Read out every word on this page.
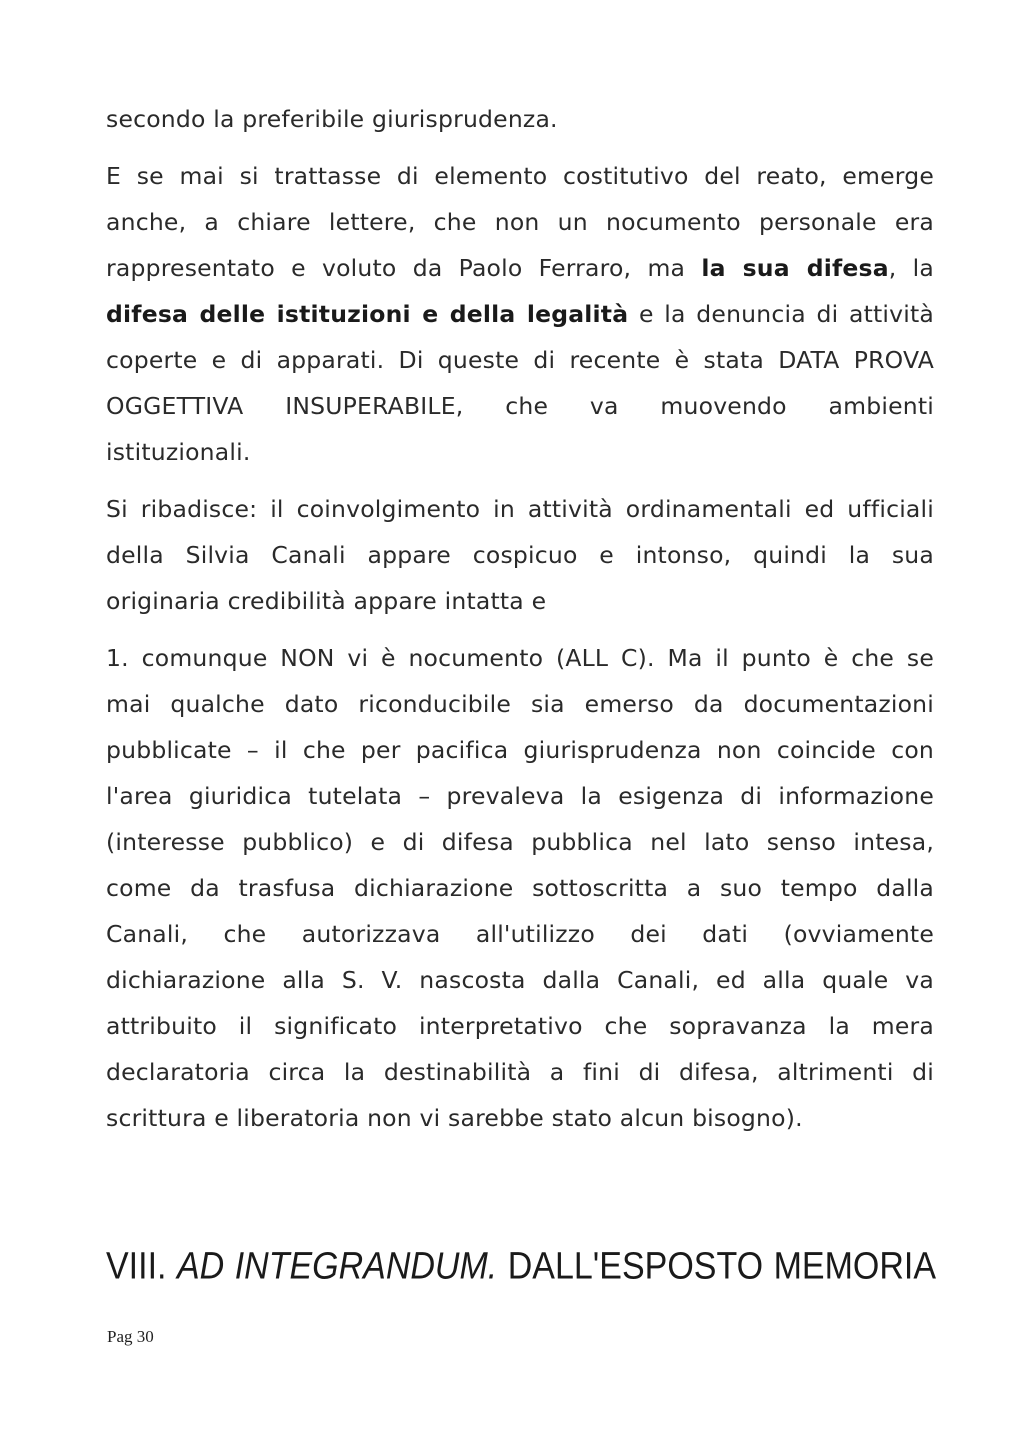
secondo la preferibile giurisprudenza.

E se mai si trattasse di elemento costitutivo del reato, emerge
anche, a chiare lettere, che non un nocumento personale era
rappresentato e voluto da Paolo Ferraro, ma la sua difesa, la
difesa delle istituzioni e della legalità e la denuncia di attività
coperte e di apparati. Di queste di recente è stata DATA PROVA
OGGETTIVA INSUPERABILE, che va muovendo ambienti
istituzionali.

Si ribadisce: il coinvolgimento in attività ordinamentali ed ufficiali
della Silvia Canali appare cospicuo e intonso, quindi la sua
originaria credibilità appare intatta e

1. comunque NON vi è nocumento (ALL C). Ma il punto è che se
mai qualche dato riconducibile sia emerso da documentazioni
pubblicate – il che per pacifica giurisprudenza non coincide con
l'area giuridica tutelata – prevaleva la esigenza di informazione
(interesse pubblico) e di difesa pubblica nel lato senso intesa,
come da trasfusa dichiarazione sottoscritta a suo tempo dalla
Canali, che autorizzava all'utilizzo dei dati (ovviamente
dichiarazione alla S. V. nascosta dalla Canali, ed alla quale va
attribuito il significato interpretativo che sopravanza la mera
declaratoria circa la destinabilità a fini di difesa, altrimenti di
scrittura e liberatoria non vi sarebbe stato alcun bisogno).

VIII. AD INTEGRANDUM. DALL'ESPOSTO MEMORIA
Pag 30
